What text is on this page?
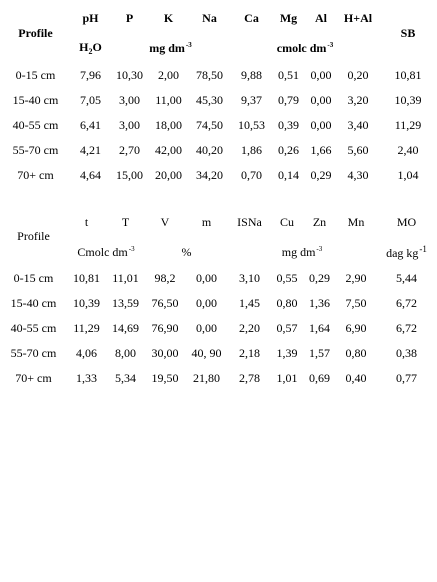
Profile	pH	P	K	Na	Ca	Mg	Al	H+Al	SB
	$H_2O$	mg $dm^{-3}$			cmolc $dm^{-3}$
0-15 cm	7,96	10,30	2,00	78,50	9,88	0,51	0,00	0,20	10,81
15-40 cm	7,05	3,00	11,00	45,30	9,37	0,79	0,00	3,20	10,39
40-55 cm	6,41	3,00	18,00	74,50	10,53	0,39	0,00	3,40	11,29
55-70 cm	4,21	2,70	42,00	40,20	1,86	0,26	1,66	5,60	2,40
70+ cm	4,64	15,00	20,00	34,20	0,70	0,14	0,29	4,30	1,04
Profile	t	T	V	m	ISNa	Cu	Zn	Mn	MO
	Cmolc $dm^{-3}$		%		mg $dm^{-3}$				dag $kg^{-1}$
0-15 cm	10,81	11,01	98,2	0,00	3,10	0,55	0,29	2,90	5,44
15-40 cm	10,39	13,59	76,50	0,00	1,45	0,80	1,36	7,50	6,72
40-55 cm	11,29	14,69	76,90	0,00	2,20	0,57	1,64	6,90	6,72
55-70 cm	4,06	8,00	30,00	40, 90	2,18	1,39	1,57	0,80	0,38
70+ cm	1,33	5,34	19,50	21,80	2,78	1,01	0,69	0,40	0,77
